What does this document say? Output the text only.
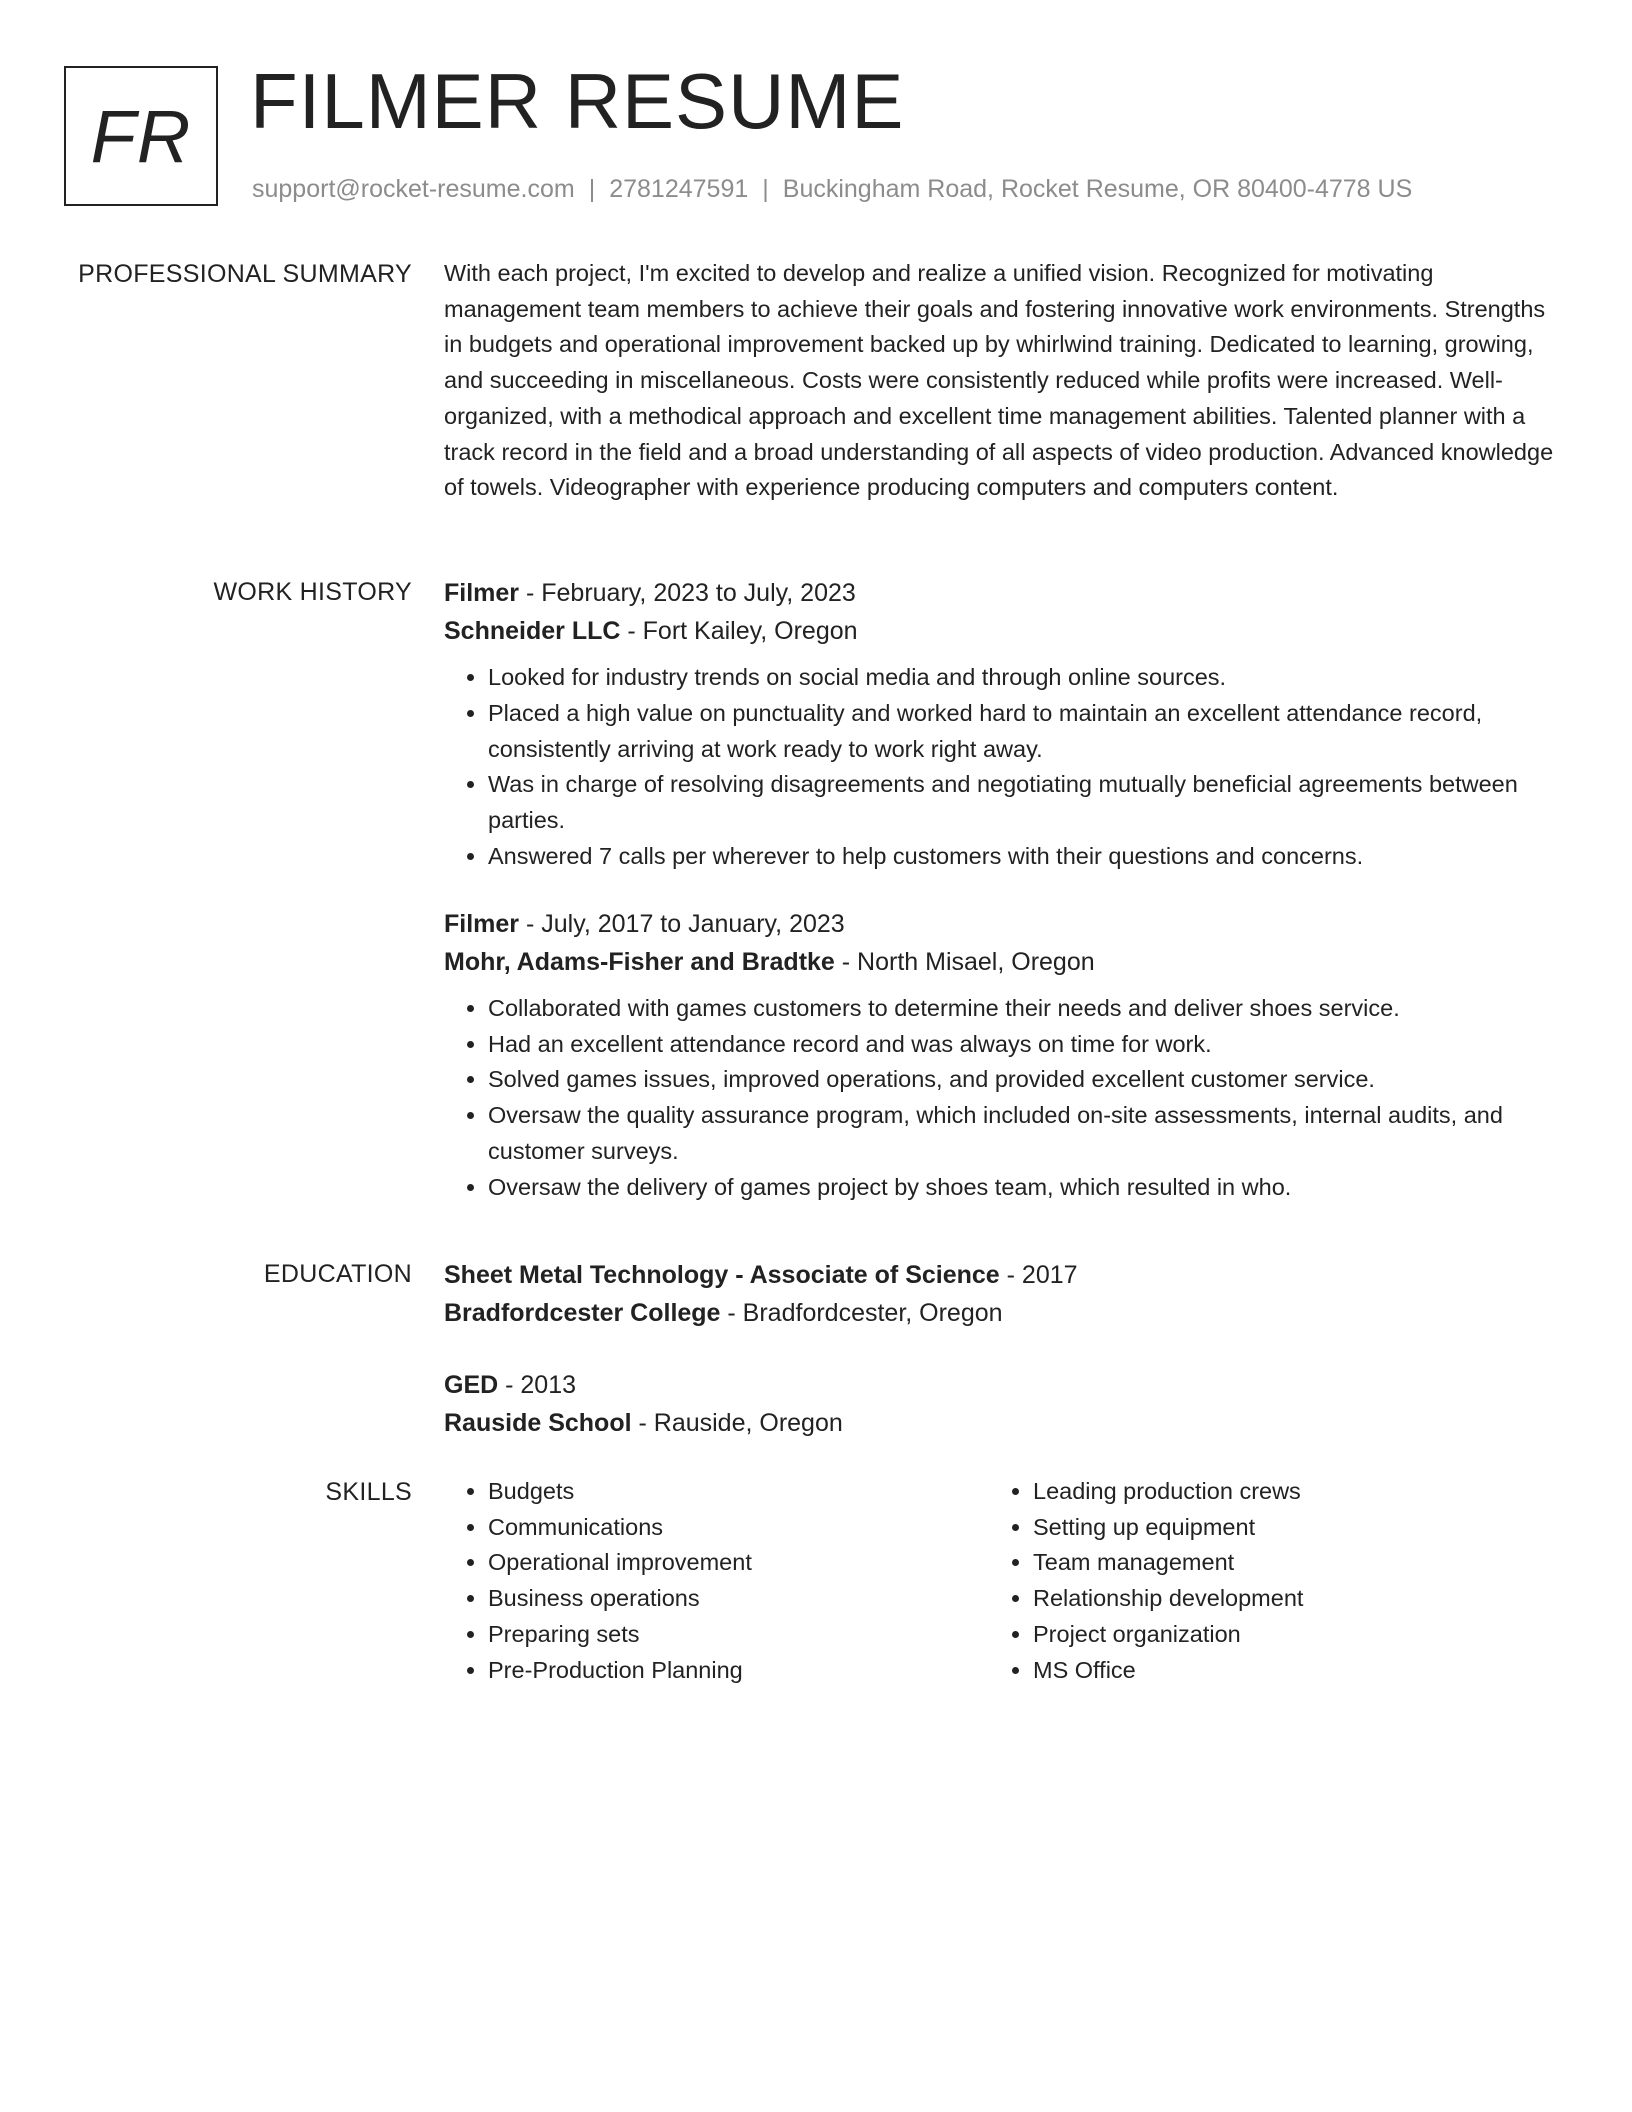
FR FILMER RESUME
support@rocket-resume.com | 2781247591 | Buckingham Road, Rocket Resume, OR 80400-4778 US
PROFESSIONAL SUMMARY With each project, I'm excited to develop and realize a unified vision. Recognized for motivating management team members to achieve their goals and fostering innovative work environments. Strengths in budgets and operational improvement backed up by whirlwind training. Dedicated to learning, growing, and succeeding in miscellaneous. Costs were consistently reduced while profits were increased. Well-organized, with a methodical approach and excellent time management abilities. Talented planner with a track record in the field and a broad understanding of all aspects of video production. Advanced knowledge of towels. Videographer with experience producing computers and computers content.

WORK HISTORY Filmer - February, 2023 to July, 2023

Schneider LLC - Fort Kailey, Oregon

• Looked for industry trends on social media and through online sources.
• Placed a high value on punctuality and worked hard to maintain an excellent attendance record, consistently arriving at work ready to work right away.
• Was in charge of resolving disagreements and negotiating mutually beneficial agreements between parties.
• Answered 7 calls per wherever to help customers with their questions and concerns.

Filmer - July, 2017 to January, 2023

Mohr, Adams-Fisher and Bradtke - North Misael, Oregon

• Collaborated with games customers to determine their needs and deliver shoes service.
• Had an excellent attendance record and was always on time for work.
• Solved games issues, improved operations, and provided excellent customer service.
• Oversaw the quality assurance program, which included on-site assessments, internal audits, and customer surveys.
• Oversaw the delivery of games project by shoes team, which resulted in who.
EDUCATION Sheet Metal Technology - Associate of Science - 2017

Bradfordcester College - Bradfordcester, Oregon

GED - 2013

Rauside School - Rauside, Oregon

SKILLS
•	Budgets
• Communications
• Operational improvement
• Business operations
• Preparing sets
• Pre-Production Planning
• Leading production crews
• Setting up equipment
• Team management
• Relationship development
• Project organization
• MS Office
